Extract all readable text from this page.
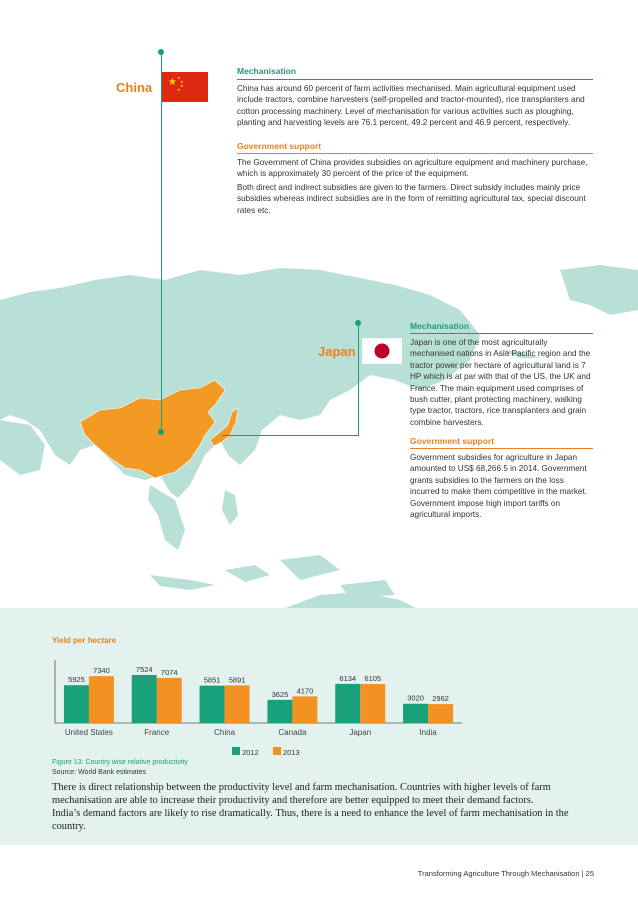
China ★ ★
★
★
★
Mechanisation
China has around 60 percent of farm activities mechanised. Main agricultural equipment used include tractors, combine harvesters (self-propelled and tractor-mounted), rice transplanters and cotton processing machinery. Level of mechanisation for various activities such as ploughing, planting and harvesting levels are 76.1 percent, 49.2 percent and 46.9 percent, respectively.
Government support
The Government of China provides subsidies on agriculture equipment and machinery purchase, which is approximately 30 percent of the price of the equipment.
Both direct and indirect subsidies are given to the farmers. Direct subsidy includes mainly price subsidies whereas indirect subsidies are in the form of remitting agricultural tax, special discount rates etc.
Japan
Mechanisation
Japan is one of the most agriculturally mechanised nations in Asia Pacific region and the tractor power per hectare of agricultural land is 7 HP which is at par with that of the US, the UK and France. The main equipment used comprises of bush cutter, plant protecting machinery, walking type tractor, tractors, rice transplanters and grain combine harvesters.
Government support
Government subsidies for agriculture in Japan amounted to US$ 68,266.5 in 2014. Government grants subsidies to the farmers on the loss incurred to make them competitive in the market. Government impose high import tariffs on agricultural imports.
Yield per hectare
5925
7340
United States
7524 7074
France
5851 5891
China
3625 4170
Canada
6134 6105
Japan
3020 2962
India
2012	2013
Figure 13: Country wise relative productivity
Source: World Bank estimates
There is direct relationship between the productivity level and farm mechanisation. Countries with higher levels of farm mechanisation are able to increase their productivity and therefore are better equipped to meet their demand factors.
India’s demand factors are likely to rise dramatically. Thus, there is a need to enhance the level of farm mechanisation in the country.
Transforming Agriculture Through Mechanisation | 25
